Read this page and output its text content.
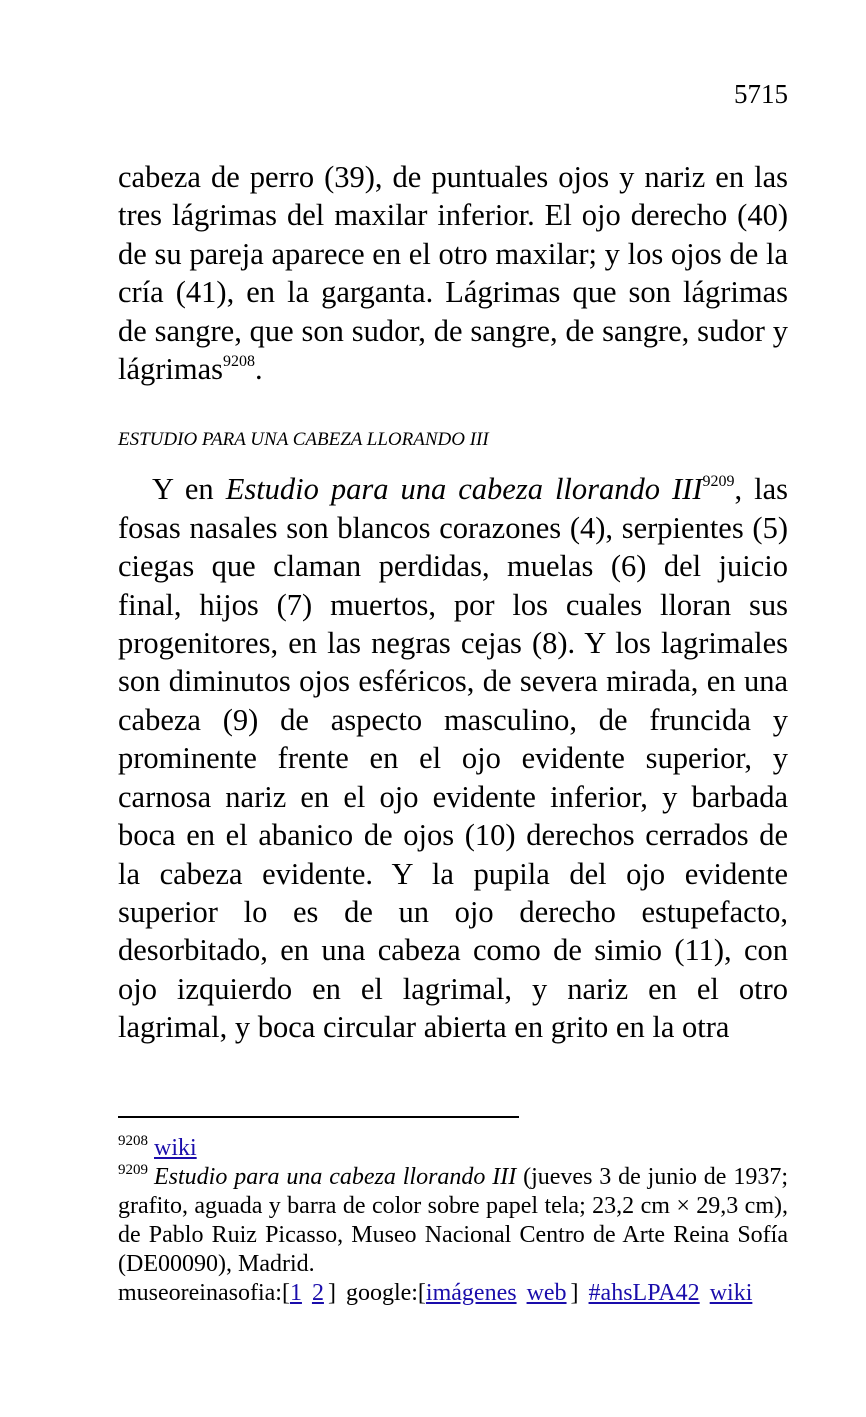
5715

cabeza de perro (39), de puntuales ojos y nariz en las tres lágrimas del maxilar inferior. El ojo derecho (40) de su pareja aparece en el otro maxilar; y los ojos de la cría (41), en la garganta. Lágrimas que son lágrimas de sangre, que son sudor, de sangre, de sangre, sudor y lágrimas$^{9208}$.

ESTUDIO PARA UNA CABEZA LLORANDO III

Y en Estudio para una cabeza llorando III$^{9209}$, las fosas nasales son blancos corazones (4), serpientes (5) ciegas que claman perdidas, muelas (6) del juicio final, hijos (7) muertos, por los cuales lloran sus progenitores, en las negras cejas (8). Y los lagrimales son diminutos ojos esféricos, de severa mirada, en una cabeza (9) de aspecto masculino, de fruncida y prominente frente en el ojo evidente superior, y carnosa nariz en el ojo evidente inferior, y barbada boca en el abanico de ojos (10) derechos cerrados de la cabeza evidente. Y la pupila del ojo evidente superior lo es de un ojo derecho estupefacto, desorbitado, en una cabeza como de simio (11), con ojo izquierdo en el lagrimal, y nariz en el otro lagrimal, y boca circular abierta en grito en la otra

$^{9208}$ wiki

$^{9209}$ Estudio para una cabeza llorando III (jueves 3 de junio de 1937; grafito, aguada y barra de color sobre papel tela; 23,2 cm × 29,3 cm), de Pablo Ruiz Picasso, Museo Nacional Centro de Arte Reina Sofía (DE00090), Madrid.

museoreinasofia:[1 2 ] google:[imágenes web ] #ahsLPA42 wiki
